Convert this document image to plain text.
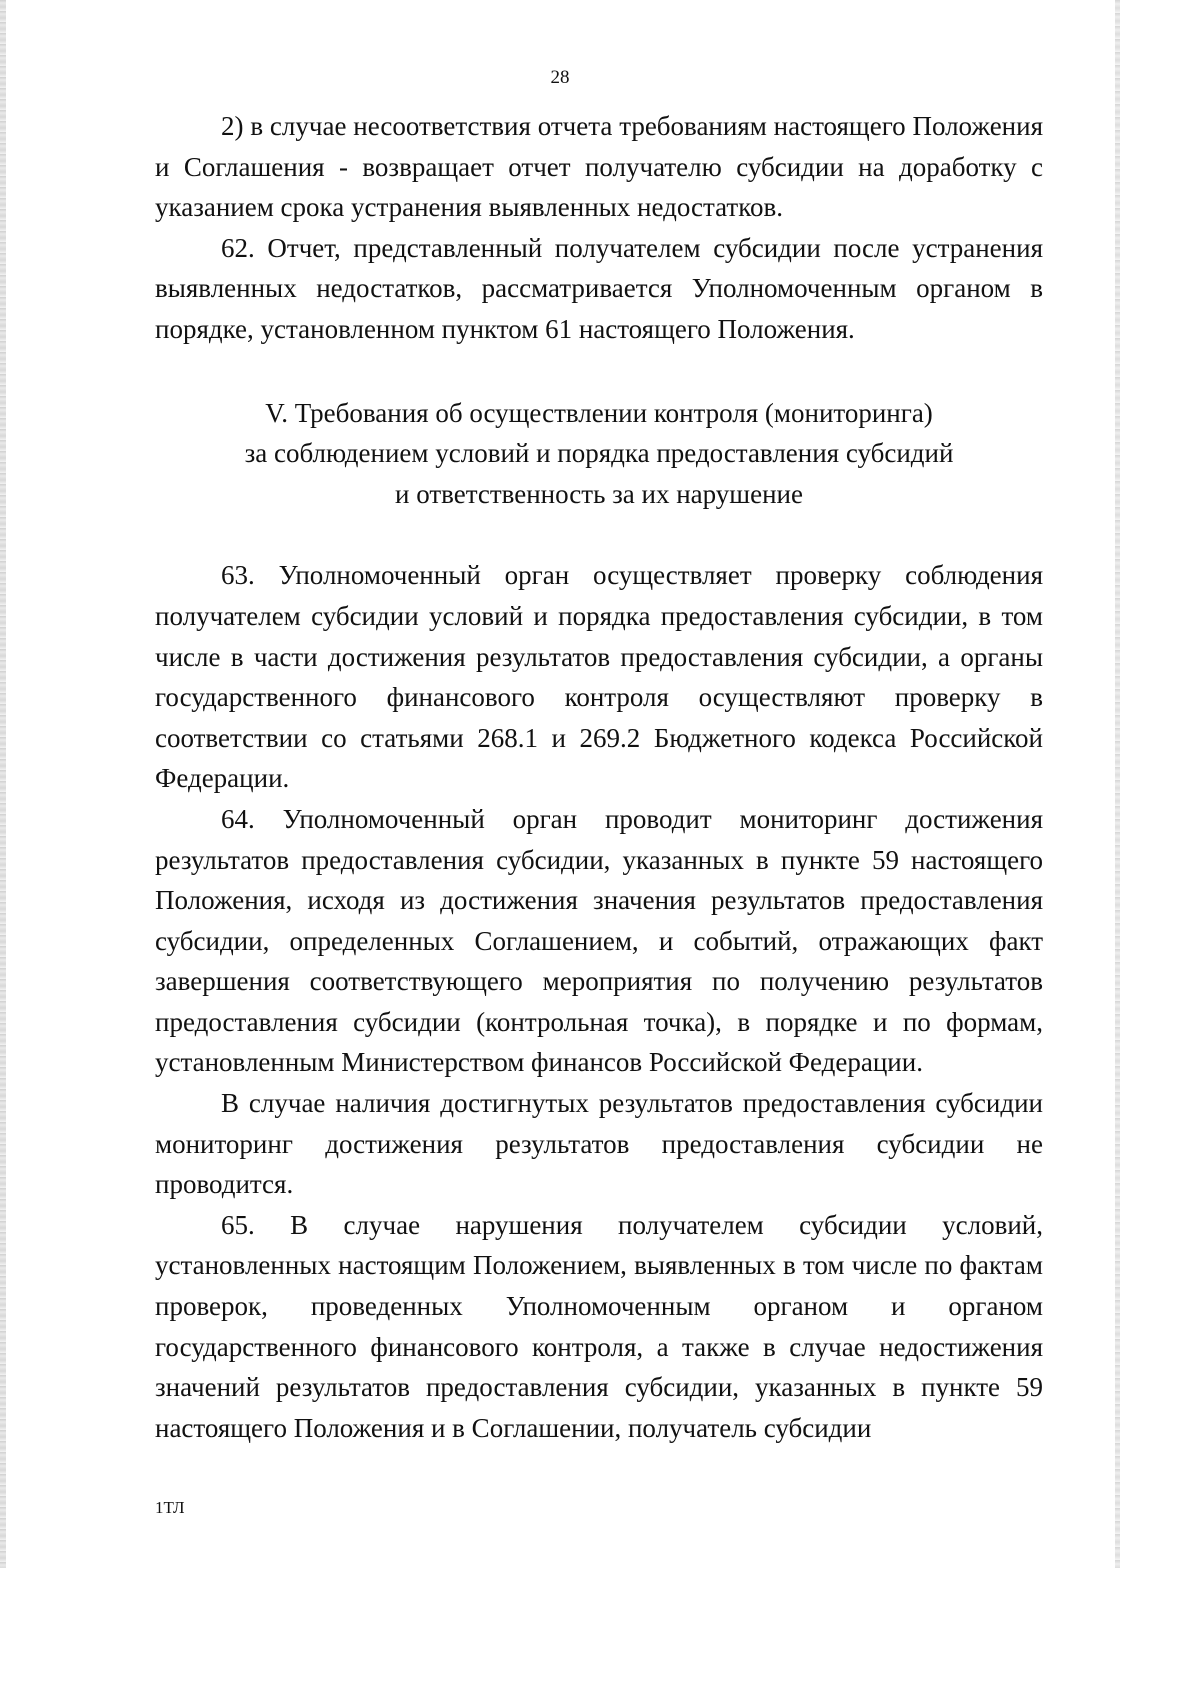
28

2) в случае несоответствия отчета требованиям настоящего Положения и Соглашения - возвращает отчет получателю субсидии на доработку с указанием срока устранения выявленных недостатков.

62. Отчет, представленный получателем субсидии после устранения выявленных недостатков, рассматривается Уполномоченным органом в порядке, установленном пунктом 61 настоящего Положения.

V. Требования об осуществлении контроля (мониторинга)
за соблюдением условий и порядка предоставления субсидий
и ответственность за их нарушение

63. Уполномоченный орган осуществляет проверку соблюдения получателем субсидии условий и порядка предоставления субсидии, в том числе в части достижения результатов предоставления субсидии, а органы государственного финансового контроля осуществляют проверку в соответствии со статьями 268.1 и 269.2 Бюджетного кодекса Российской Федерации.

64. Уполномоченный орган проводит мониторинг достижения результатов предоставления субсидии, указанных в пункте 59 настоящего Положения, исходя из достижения значения результатов предоставления субсидии, определенных Соглашением, и событий, отражающих факт завершения соответствующего мероприятия по получению результатов предоставления субсидии (контрольная точка), в порядке и по формам, установленным Министерством финансов Российской Федерации.

В случае наличия достигнутых результатов предоставления субсидии мониторинг достижения результатов предоставления субсидии не проводится.

65. В случае нарушения получателем субсидии условий, установленных настоящим Положением, выявленных в том числе по фактам проверок, проведенных Уполномоченным органом и органом государственного финансового контроля, а также в случае недостижения значений результатов предоставления субсидии, указанных в пункте 59 настоящего Положения и в Соглашении, получатель субсидии

1ТЛ
